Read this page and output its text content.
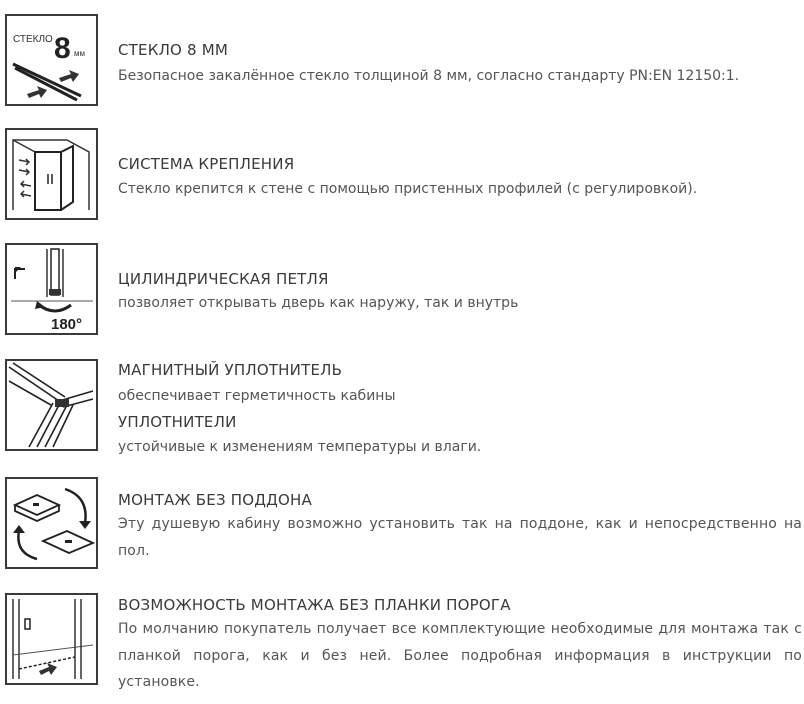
СТЕКЛО 8 мм СТЕКЛО 8 ММ
Безопасное закалённое стекло толщиной 8 мм, согласно стандарту PN:EN 12150:1.
СИСТЕМА КРЕПЛЕНИЯ
Стекло крепится к стене с помощью пристенных профилей (с регулировкой).
180°
ЦИЛИНДРИЧЕСКАЯ ПЕТЛЯ
позволяет открывать дверь как наружу, так и внутрь
МАГНИТНЫЙ УПЛОТНИТЕЛЬ
обеспечивает герметичность кабины
УПЛОТНИТЕЛИ
устойчивые к изменениям температуры и влаги.
МОНТАЖ БЕЗ ПОДДОНА
Эту душевую кабину возможно установить так на поддоне, как и непосредственно на пол.
ВОЗМОЖНОСТЬ МОНТАЖА БЕЗ ПЛАНКИ ПОРОГА
По молчанию покупатель получает все комплектующие необходимые для монтажа так с планкой порога, как и без ней. Более подробная информация в инструкции по установке.
